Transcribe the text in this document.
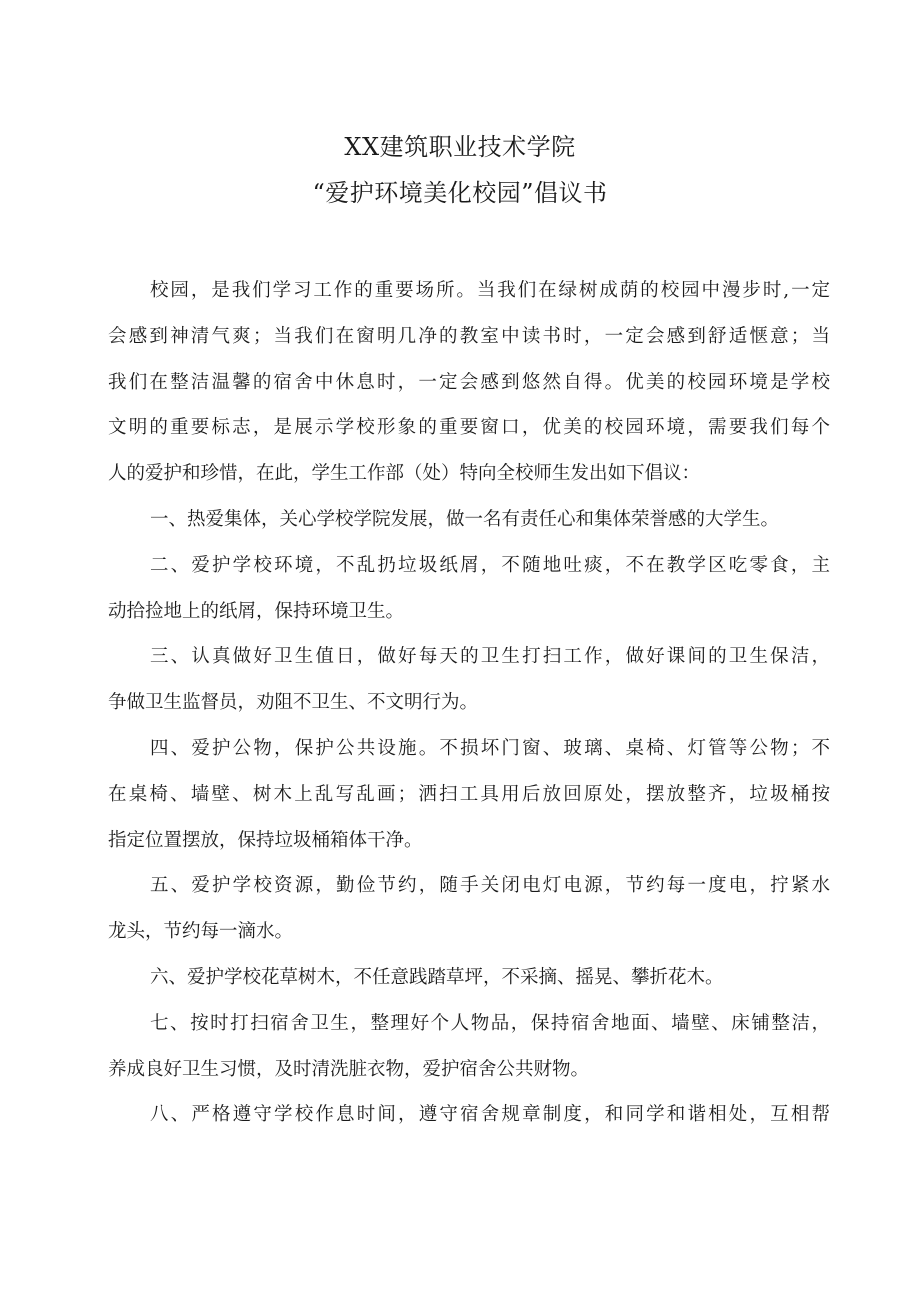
XX建筑职业技术学院
“爱护环境美化校园”倡议书
校园，是我们学习工作的重要场所。当我们在绿树成荫的校园中漫步时,一定
会感到神清气爽；当我们在窗明几净的教室中读书时，一定会感到舒适惬意；当
我们在整洁温馨的宿舍中休息时，一定会感到悠然自得。优美的校园环境是学校
文明的重要标志，是展示学校形象的重要窗口，优美的校园环境，需要我们每个
人的爱护和珍惜，在此，学生工作部（处）特向全校师生发出如下倡议：
一、热爱集体，关心学校学院发展，做一名有责任心和集体荣誉感的大学生。
二、爱护学校环境，不乱扔垃圾纸屑，不随地吐痰，不在教学区吃零食，主
动拾捡地上的纸屑，保持环境卫生。
三、认真做好卫生值日，做好每天的卫生打扫工作，做好课间的卫生保洁，
争做卫生监督员，劝阻不卫生、不文明行为。
四、爱护公物，保护公共设施。不损坏门窗、玻璃、桌椅、灯管等公物；不
在桌椅、墙壁、树木上乱写乱画；洒扫工具用后放回原处，摆放整齐，垃圾桶按
指定位置摆放，保持垃圾桶箱体干净。
五、爱护学校资源，勤俭节约，随手关闭电灯电源，节约每一度电，拧紧水
龙头，节约每一滴水。
六、爱护学校花草树木，不任意践踏草坪，不采摘、摇晃、攀折花木。
七、按时打扫宿舍卫生，整理好个人物品，保持宿舍地面、墙壁、床铺整洁，
养成良好卫生习惯，及时清洗脏衣物，爱护宿舍公共财物。
八、严格遵守学校作息时间，遵守宿舍规章制度，和同学和谐相处，互相帮
